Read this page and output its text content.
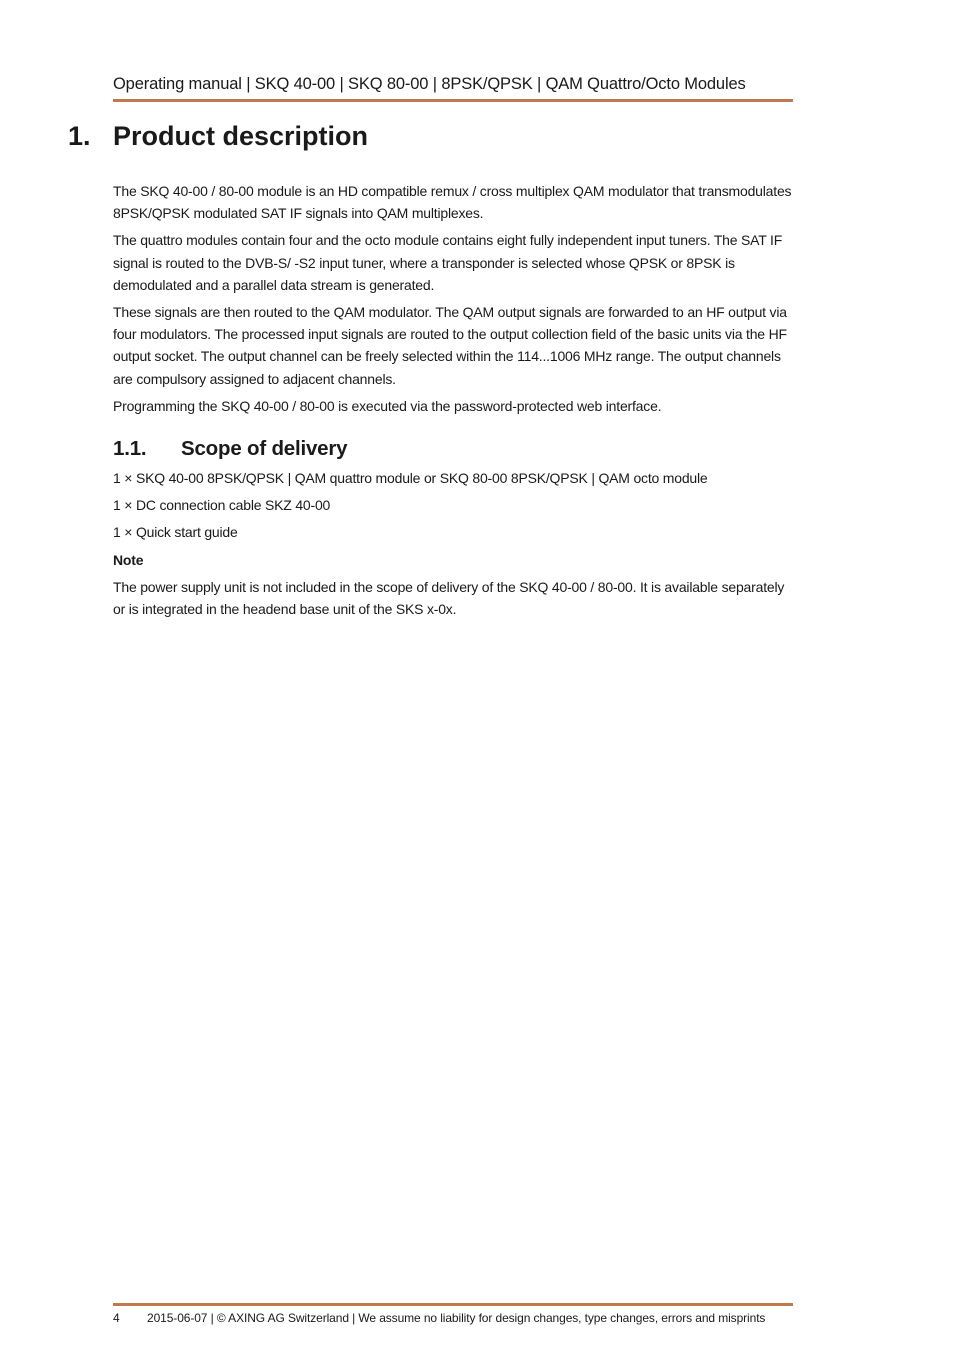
Operating manual | SKQ 40-00 | SKQ 80-00 | 8PSK/QPSK | QAM Quattro/Octo Modules
1. Product description

The SKQ 40-00 / 80-00 module is an HD compatible remux / cross multiplex QAM modulator that transmodulates 8PSK/QPSK modulated SAT IF signals into QAM multiplexes.

The quattro modules contain four and the octo module contains eight fully independent input tuners. The SAT IF signal is routed to the DVB-S/ -S2 input tuner, where a transponder is selected whose QPSK or 8PSK is demodulated and a parallel data stream is generated.

These signals are then routed to the QAM modulator. The QAM output signals are forwarded to an HF output via four modulators. The processed input signals are routed to the output collection field of the basic units via the HF output socket. The output channel can be freely selected within the 114...1006 MHz range. The output channels are compulsory assigned to adjacent channels.

Programming the SKQ 40-00 / 80-00 is executed via the password-protected web interface.

1.1. Scope of delivery
1 × SKQ 40-00 8PSK/QPSK | QAM quattro module or SKQ 80-00 8PSK/QPSK | QAM octo module
1 × DC connection cable SKZ 40-00
1 × Quick start guide
Note

The power supply unit is not included in the scope of delivery of the SKQ 40-00 / 80-00. It is available separately or is integrated in the headend base unit of the SKS x-0x.

4 2015-06-07 | © AXING AG Switzerland | We assume no liability for design changes, type changes, errors and misprints
